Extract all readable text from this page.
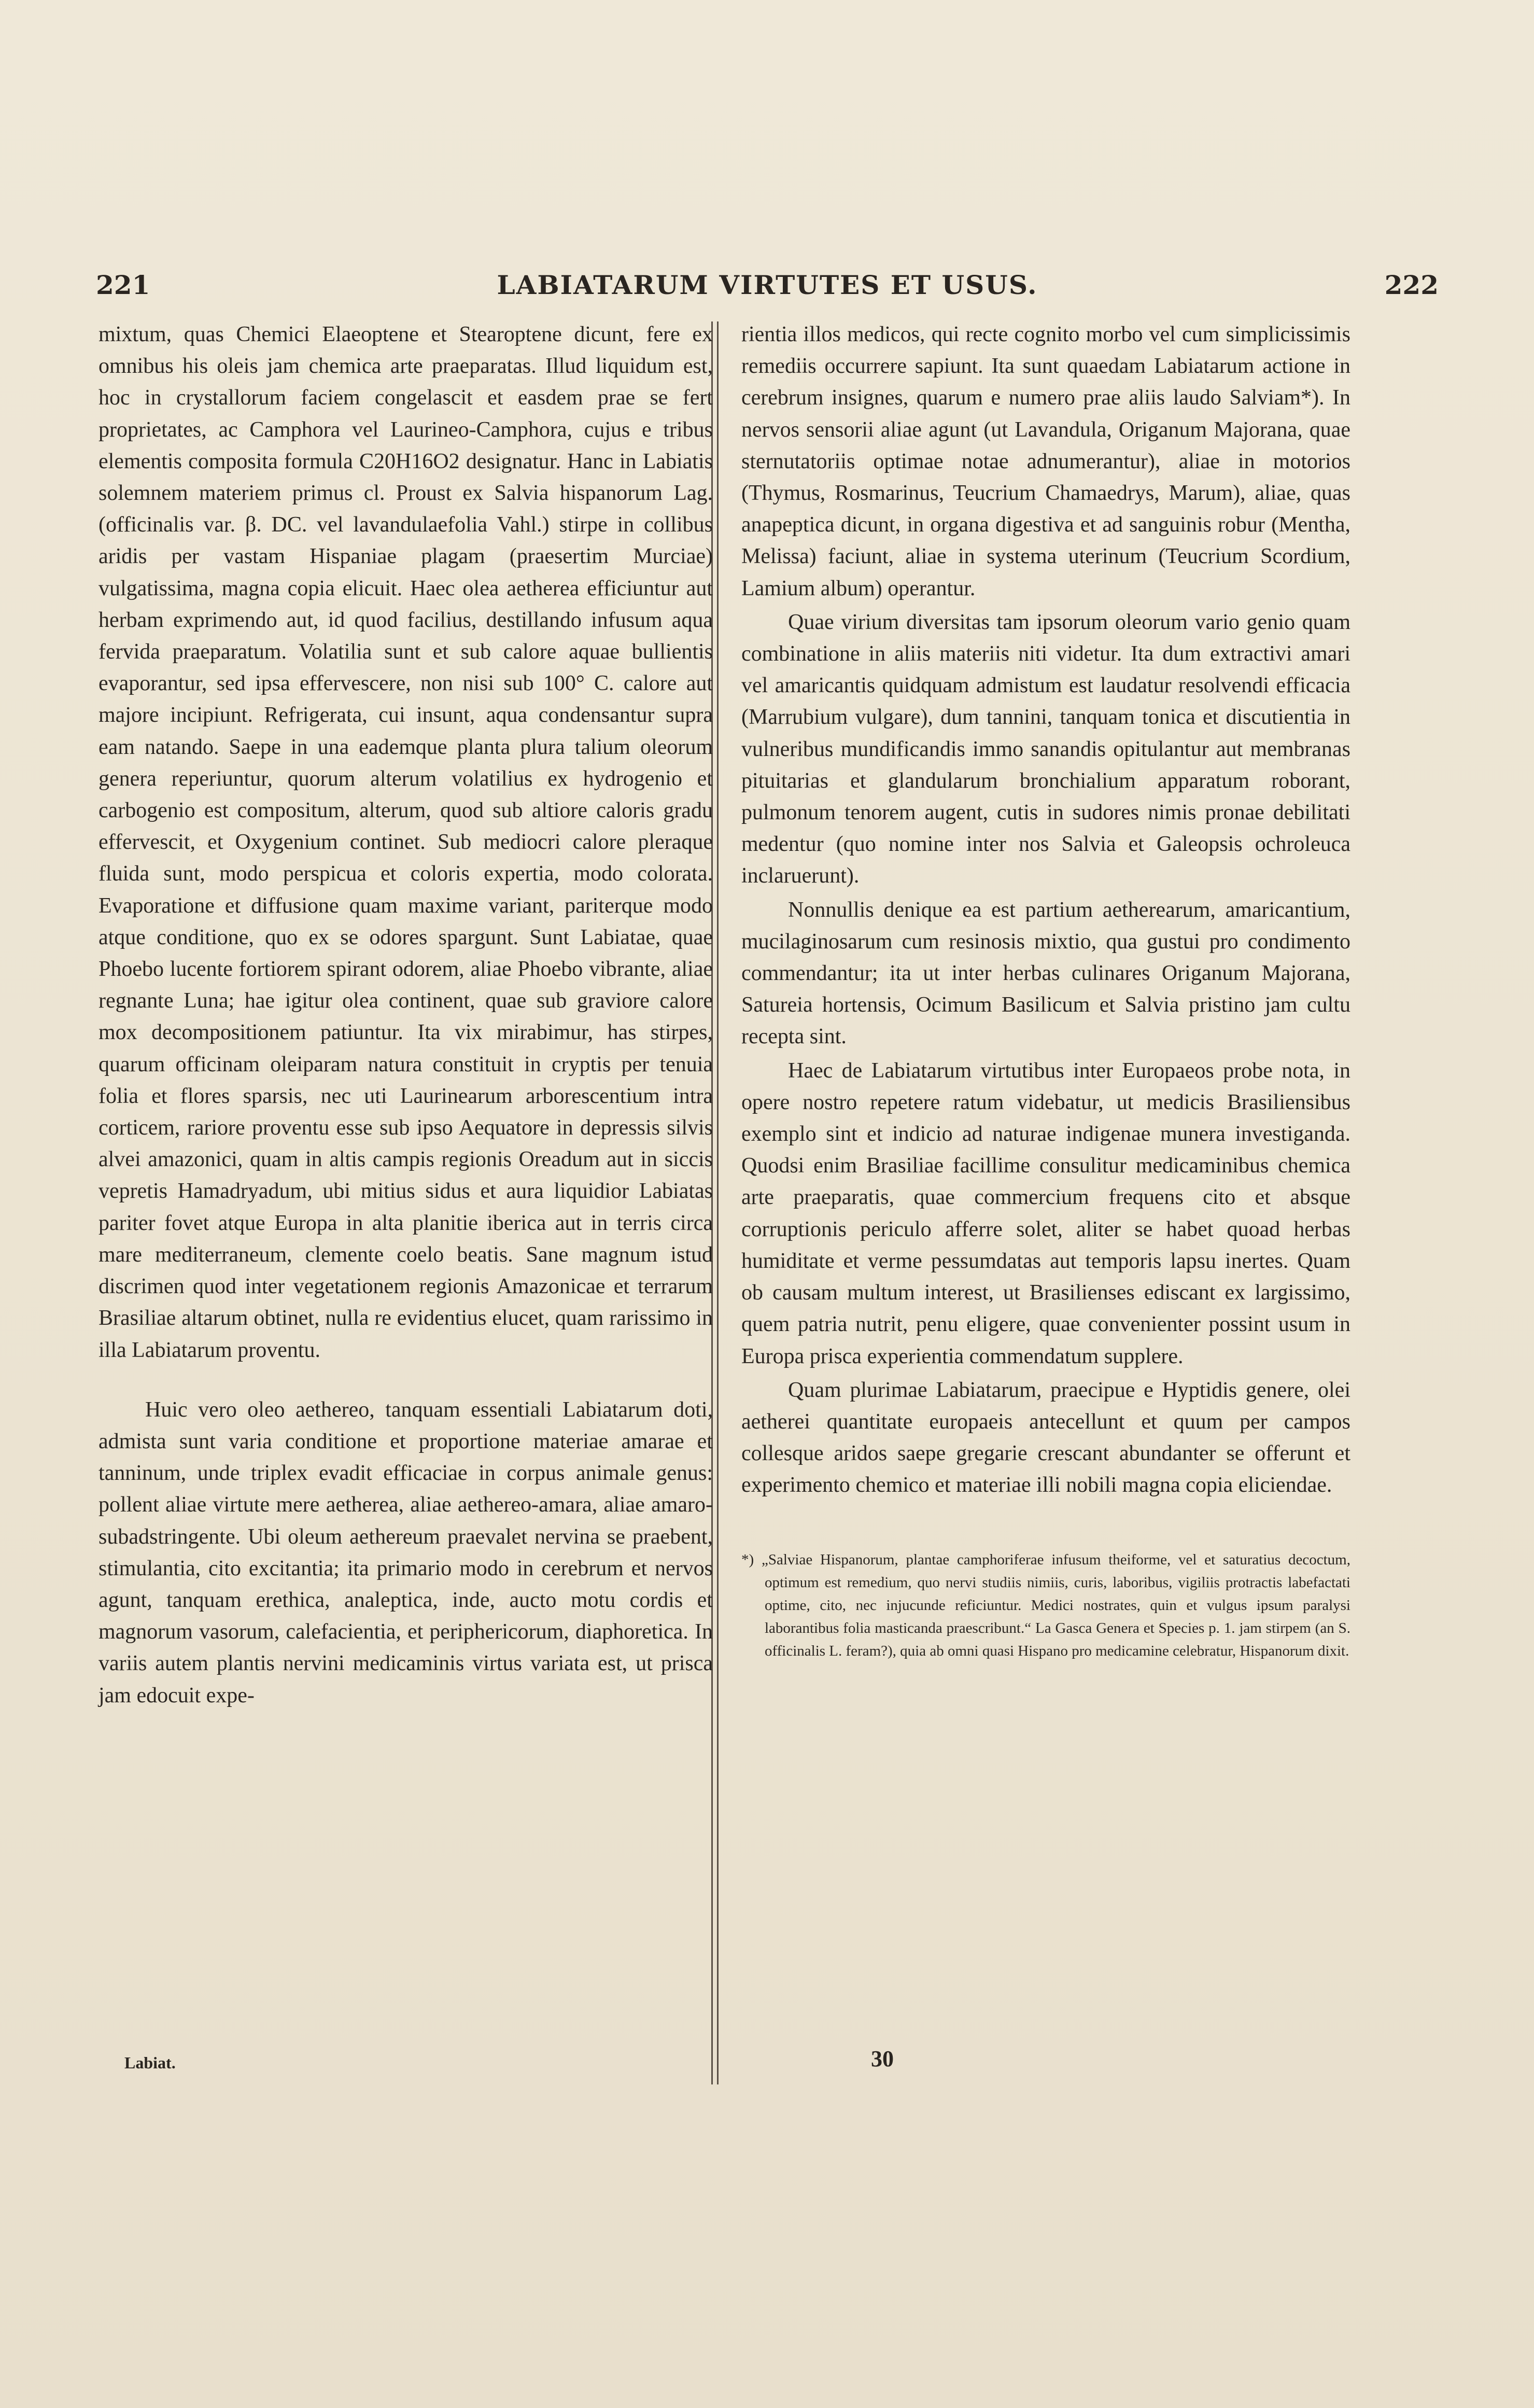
221	LABIATARUM VIRTUTES ET USUS.	222

mixtum, quas Chemici Elaeoptene et Stearoptene dicunt, fere ex omnibus his oleis jam chemica arte praeparatas. Illud liquidum est, hoc in crystallorum faciem congelascit et easdem prae se fert proprietates, ac Camphora vel Laurineo-Camphora, cujus e tribus elementis composita formula C20H16O2 designatur. Hanc in Labiatis solemnem materiem primus cl. Proust ex Salvia hispanorum Lag. (officinalis var. β. DC. vel lavandulaefolia Vahl.) stirpe in collibus aridis per vastam Hispaniae plagam (praesertim Murciae) vulgatissima, magna copia elicuit. Haec olea aetherea efficiuntur aut herbam exprimendo aut, id quod facilius, destillando infusum aqua fervida praeparatum. Volatilia sunt et sub calore aquae bullientis evaporantur, sed ipsa effervescere, non nisi sub 100° C. calore aut majore incipiunt. Refrigerata, cui insunt, aqua condensantur supra eam natando. Saepe in una eademque planta plura talium oleorum genera reperiuntur, quorum alterum volatilius ex hydrogenio et carbogenio est compositum, alterum, quod sub altiore caloris gradu effervescit, et Oxygenium continet. Sub mediocri calore pleraque fluida sunt, modo perspicua et coloris expertia, modo colorata. Evaporatione et diffusione quam maxime variant, pariterque modo atque conditione, quo ex se odores spargunt. Sunt Labiatae, quae Phoebo lucente fortiorem spirant odorem, aliae Phoebo vibrante, aliae regnante Luna; hae igitur olea continent, quae sub graviore calore mox decompositionem patiuntur. Ita vix mirabimur, has stirpes, quarum officinam oleiparam natura constituit in cryptis per tenuia folia et flores sparsis, nec uti Laurinearum arborescentium intra corticem, rariore proventu esse sub ipso Aequatore in depressis silvis alvei amazonici, quam in altis campis regionis Oreadum aut in siccis vepretis Hamadryadum, ubi mitius sidus et aura liquidior Labiatas pariter fovet atque Europa in alta planitie iberica aut in terris circa mare mediterraneum, clemente coelo beatis. Sane magnum istud discrimen quod inter vegetationem regionis Amazonicae et terrarum Brasiliae altarum obtinet, nulla re evidentius elucet, quam rarissimo in illa Labiatarum proventu.

Huic vero oleo aethereo, tanquam essentiali Labiatarum doti, admista sunt varia conditione et proportione materiae amarae et tanninum, unde triplex evadit efficaciae in corpus animale genus: pollent aliae virtute mere aetherea, aliae aethereo-amara, aliae amaro-subadstringente. Ubi oleum aethereum praevalet nervina se praebent, stimulantia, cito excitantia; ita primario modo in cerebrum et nervos agunt, tanquam erethica, analeptica, inde, aucto motu cordis et magnorum vasorum, calefacientia, et periphericorum, diaphoretica. In variis autem plantis nervini medicaminis virtus variata est, ut prisca jam edocuit expe-

rientia illos medicos, qui recte cognito morbo vel cum simplicissimis remediis occurrere sapiunt. Ita sunt quaedam Labiatarum actione in cerebrum insignes, quarum e numero prae aliis laudo Salviam*). In nervos sensorii aliae agunt (ut Lavandula, Origanum Majorana, quae sternutatoriis optimae notae adnumerantur), aliae in motorios (Thymus, Rosmarinus, Teucrium Chamaedrys, Marum), aliae, quas anapeptica dicunt, in organa digestiva et ad sanguinis robur (Mentha, Melissa) faciunt, aliae in systema uterinum (Teucrium Scordium, Lamium album) operantur.

Quae virium diversitas tam ipsorum oleorum vario genio quam combinatione in aliis materiis niti videtur. Ita dum extractivi amari vel amaricantis quidquam admistum est laudatur resolvendi efficacia (Marrubium vulgare), dum tannini, tanquam tonica et discutientia in vulneribus mundificandis immo sanandis opitulantur aut membranas pituitarias et glandularum bronchialium apparatum roborant, pulmonum tenorem augent, cutis in sudores nimis pronae debilitati medentur (quo nomine inter nos Salvia et Galeopsis ochroleuca inclaruerunt).

Nonnullis denique ea est partium aetherearum, amaricantium, mucilaginosarum cum resinosis mixtio, qua gustui pro condimento commendantur; ita ut inter herbas culinares Origanum Majorana, Satureia hortensis, Ocimum Basilicum et Salvia pristino jam cultu recepta sint.

Haec de Labiatarum virtutibus inter Europaeos probe nota, in opere nostro repetere ratum videbatur, ut medicis Brasiliensibus exemplo sint et indicio ad naturae indigenae munera investiganda. Quodsi enim Brasiliae facillime consulitur medicaminibus chemica arte praeparatis, quae commercium frequens cito et absque corruptionis periculo afferre solet, aliter se habet quoad herbas humiditate et verme pessumdatas aut temporis lapsu inertes. Quam ob causam multum interest, ut Brasilienses ediscant ex largissimo, quem patria nutrit, penu eligere, quae convenienter possint usum in Europa prisca experientia commendatum supplere.

Quam plurimae Labiatarum, praecipue e Hyptidis genere, olei aetherei quantitate europaeis antecellunt et quum per campos collesque aridos saepe gregarie crescant abundanter se offerunt et experimento chemico et materiae illi nobili magna copia eliciendae.

*) „Salviae Hispanorum, plantae camphoriferae infusum theiforme, vel et saturatius decoctum, optimum est remedium, quo nervi studiis nimiis, curis, laboribus, vigiliis protractis labefactati optime, cito, nec injucunde reficiuntur. Medici nostrates, quin et vulgus ipsum paralysi laborantibus folia masticanda praescribunt.“ La Gasca Genera et Species p. 1. jam stirpem (an S. officinalis L. feram?), quia ab omni quasi Hispano pro medicamine celebratur, Hispanorum dixit.

Labiat.	30
